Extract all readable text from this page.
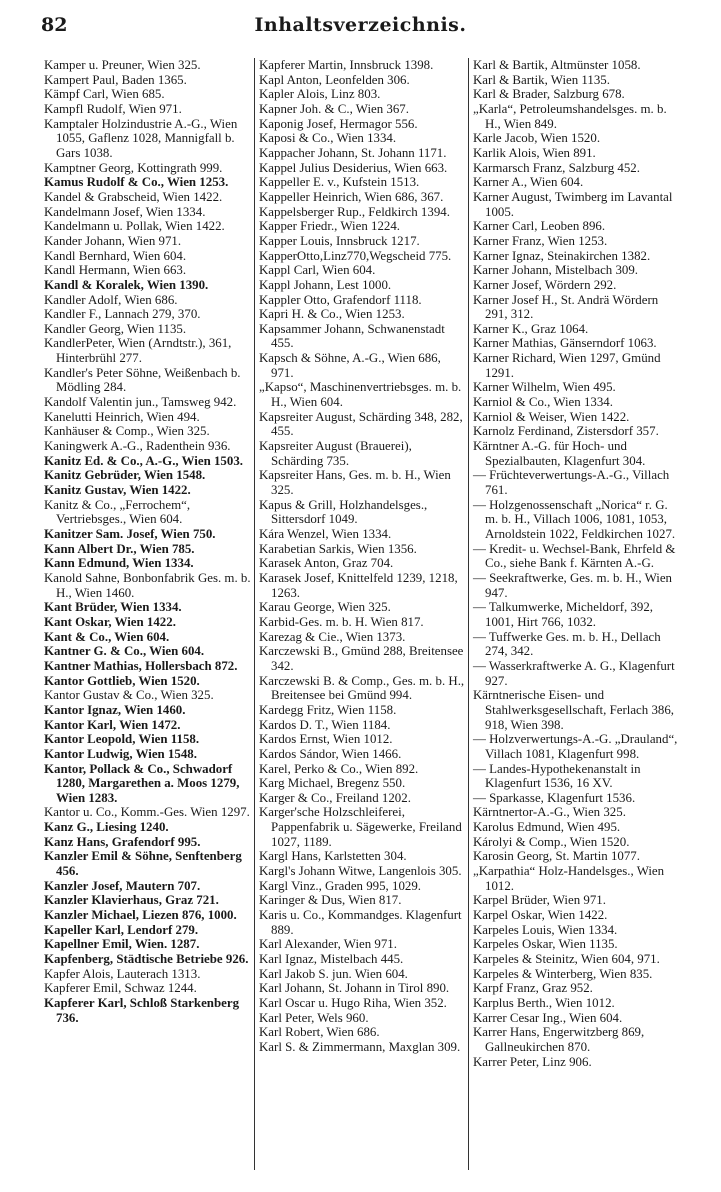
82	Inhaltsverzeichnis.
Kamper u. Preuner, Wien 325.
Kampert Paul, Baden 1365.
Kämpf Carl, Wien 685.
Kampfl Rudolf, Wien 971.
Kamptaler Holzindustrie A.-G., Wien 1055, Gaflenz 1028, Mannigfall b. Gars 1038.
Kamptner Georg, Kottingrath 999.
Kamus Rudolf & Co., Wien 1253.
Kandel & Grabscheid, Wien 1422.
Kandelmann Josef, Wien 1334.
Kandelmann u. Pollak, Wien 1422.
Kander Johann, Wien 971.
Kandl Bernhard, Wien 604.
Kandl Hermann, Wien 663.
Kandl & Koralek, Wien 1390.
Kandler Adolf, Wien 686.
Kandler F., Lannach 279, 370.
Kandler Georg, Wien 1135.
KandlerPeter, Wien (Arndtstr.), 361, Hinterbrühl 277.
Kandler's Peter Söhne, Weißenbach b. Mödling 284.
Kandolf Valentin jun., Tamsweg 942.
Kanelutti Heinrich, Wien 494.
Kanhäuser & Comp., Wien 325.
Kaningwerk A.-G., Radenthein 936.
Kanitz Ed. & Co., A.-G., Wien 1503.
Kanitz Gebrüder, Wien 1548.
Kanitz Gustav, Wien 1422.
Kanitz & Co., „Ferrochem“, Vertriebsges., Wien 604.
Kanitzer Sam. Josef, Wien 750.
Kann Albert Dr., Wien 785.
Kann Edmund, Wien 1334.
Kanold Sahne, Bonbonfabrik Ges. m. b. H., Wien 1460.
Kant Brüder, Wien 1334.
Kant Oskar, Wien 1422.
Kant & Co., Wien 604.
Kantner G. & Co., Wien 604.
Kantner Mathias, Hollersbach 872.
Kantor Gottlieb, Wien 1520.
Kantor Gustav & Co., Wien 325.
Kantor Ignaz, Wien 1460.
Kantor Karl, Wien 1472.
Kantor Leopold, Wien 1158.
Kantor Ludwig, Wien 1548.
Kantor, Pollack & Co., Schwadorf 1280, Margarethen a. Moos 1279, Wien 1283.
Kantor u. Co., Komm.-Ges. Wien 1297.
Kanz G., Liesing 1240.
Kanz Hans, Grafendorf 995.
Kanzler Emil & Söhne, Senftenberg 456.
Kanzler Josef, Mautern 707.
Kanzler Klavierhaus, Graz 721.
Kanzler Michael, Liezen 876, 1000.
Kapeller Karl, Lendorf 279.
Kapellner Emil, Wien. 1287.
Kapfenberg, Städtische Betriebe 926.
Kapfer Alois, Lauterach 1313.
Kapferer Emil, Schwaz 1244.
Kapferer Karl, Schloß Starkenberg 736.
Kapferer Martin, Innsbruck 1398.
Kapl Anton, Leonfelden 306.
Kapler Alois, Linz 803.
Kapner Joh. & C., Wien 367.
Kaponig Josef, Hermagor 556.
Kaposi & Co., Wien 1334.
Kappacher Johann, St. Johann 1171.
Kappel Julius Desiderius, Wien 663.
Kappeller E. v., Kufstein 1513.
Kappeller Heinrich, Wien 686, 367.
Kappelsberger Rup., Feldkirch 1394.
Kapper Friedr., Wien 1224.
Kapper Louis, Innsbruck 1217.
KapperOtto,Linz770,Wegscheid 775.
Kappl Carl, Wien 604.
Kappl Johann, Lest 1000.
Kappler Otto, Grafendorf 1118.
Kapri H. & Co., Wien 1253.
Kapsammer Johann, Schwanenstadt 455.
Kapsch & Söhne, A.-G., Wien 686, 971.
„Kapso“, Maschinenvertriebsges. m. b. H., Wien 604.
Kapsreiter August, Schärding 348, 282, 455.
Kapsreiter August (Brauerei), Schärding 735.
Kapsreiter Hans, Ges. m. b. H., Wien 325.
Kapus & Grill, Holzhandelsges., Sittersdorf 1049.
Kára Wenzel, Wien 1334.
Karabetian Sarkis, Wien 1356.
Karasek Anton, Graz 704.
Karasek Josef, Knittelfeld 1239, 1218, 1263.
Karau George, Wien 325.
Karbid-Ges. m. b. H. Wien 817.
Karezag & Cie., Wien 1373.
Karczewski B., Gmünd 288, Breitensee 342.
Karczewski B. & Comp., Ges. m. b. H., Breitensee bei Gmünd 994.
Kardegg Fritz, Wien 1158.
Kardos D. T., Wien 1184.
Kardos Ernst, Wien 1012.
Kardos Sándor, Wien 1466.
Karel, Perko & Co., Wien 892.
Karg Michael, Bregenz 550.
Karger & Co., Freiland 1202.
Karger'sche Holzschleiferei, Pappenfabrik u. Sägewerke, Freiland 1027, 1189.
Kargl Hans, Karlstetten 304.
Kargl's Johann Witwe, Langenlois 305.
Kargl Vinz., Graden 995, 1029.
Karinger & Dus, Wien 817.
Karis u. Co., Kommandges. Klagenfurt 889.
Karl Alexander, Wien 971.
Karl Ignaz, Mistelbach 445.
Karl Jakob S. jun. Wien 604.
Karl Johann, St. Johann in Tirol 890.
Karl Oscar u. Hugo Riha, Wien 352.
Karl Peter, Wels 960.
Karl Robert, Wien 686.
Karl S. & Zimmermann, Maxglan 309.
Karl & Bartik, Altmünster 1058.
Karl & Bartik, Wien 1135.
Karl & Brader, Salzburg 678.
„Karla“, Petroleumshandelsges. m. b. H., Wien 849.
Karle Jacob, Wien 1520.
Karlik Alois, Wien 891.
Karmarsch Franz, Salzburg 452.
Karner A., Wien 604.
Karner August, Twimberg im Lavantal 1005.
Karner Carl, Leoben 896.
Karner Franz, Wien 1253.
Karner Ignaz, Steinakirchen 1382.
Karner Johann, Mistelbach 309.
Karner Josef, Wördern 292.
Karner Josef H., St. Andrä Wördern 291, 312.
Karner K., Graz 1064.
Karner Mathias, Gänserndorf 1063.
Karner Richard, Wien 1297, Gmünd 1291.
Karner Wilhelm, Wien 495.
Karniol & Co., Wien 1334.
Karniol & Weiser, Wien 1422.
Karnolz Ferdinand, Zistersdorf 357.
Kärntner A.-G. für Hoch- und Spezialbauten, Klagenfurt 304.
— Früchteverwertungs-A.-G., Villach 761.
— Holzgenossenschaft „Norica“ r. G. m. b. H., Villach 1006, 1081, 1053, Arnoldstein 1022, Feldkirchen 1027.
— Kredit- u. Wechsel-Bank, Ehrfeld & Co., siehe Bank f. Kärnten A.-G.
— Seekraftwerke, Ges. m. b. H., Wien 947.
— Talkumwerke, Micheldorf, 392, 1001, Hirt 766, 1032.
— Tuffwerke Ges. m. b. H., Dellach 274, 342.
— Wasserkraftwerke A. G., Klagenfurt 927.
Kärntnerische Eisen- und Stahlwerksgesellschaft, Ferlach 386, 918, Wien 398.
— Holzverwertungs-A.-G. „Drauland“, Villach 1081, Klagenfurt 998.
— Landes-Hypothekenanstalt in Klagenfurt 1536, 16 XV.
— Sparkasse, Klagenfurt 1536.
Kärntnertor-A.-G., Wien 325.
Karolus Edmund, Wien 495.
Károlyi & Comp., Wien 1520.
Karosin Georg, St. Martin 1077.
„Karpathia“ Holz-Handelsges., Wien 1012.
Karpel Brüder, Wien 971.
Karpel Oskar, Wien 1422.
Karpeles Louis, Wien 1334.
Karpeles Oskar, Wien 1135.
Karpeles & Steinitz, Wien 604, 971.
Karpeles & Winterberg, Wien 835.
Karpf Franz, Graz 952.
Karplus Berth., Wien 1012.
Karrer Cesar Ing., Wien 604.
Karrer Hans, Engerwitzberg 869, Gallneukirchen 870.
Karrer Peter, Linz 906.
